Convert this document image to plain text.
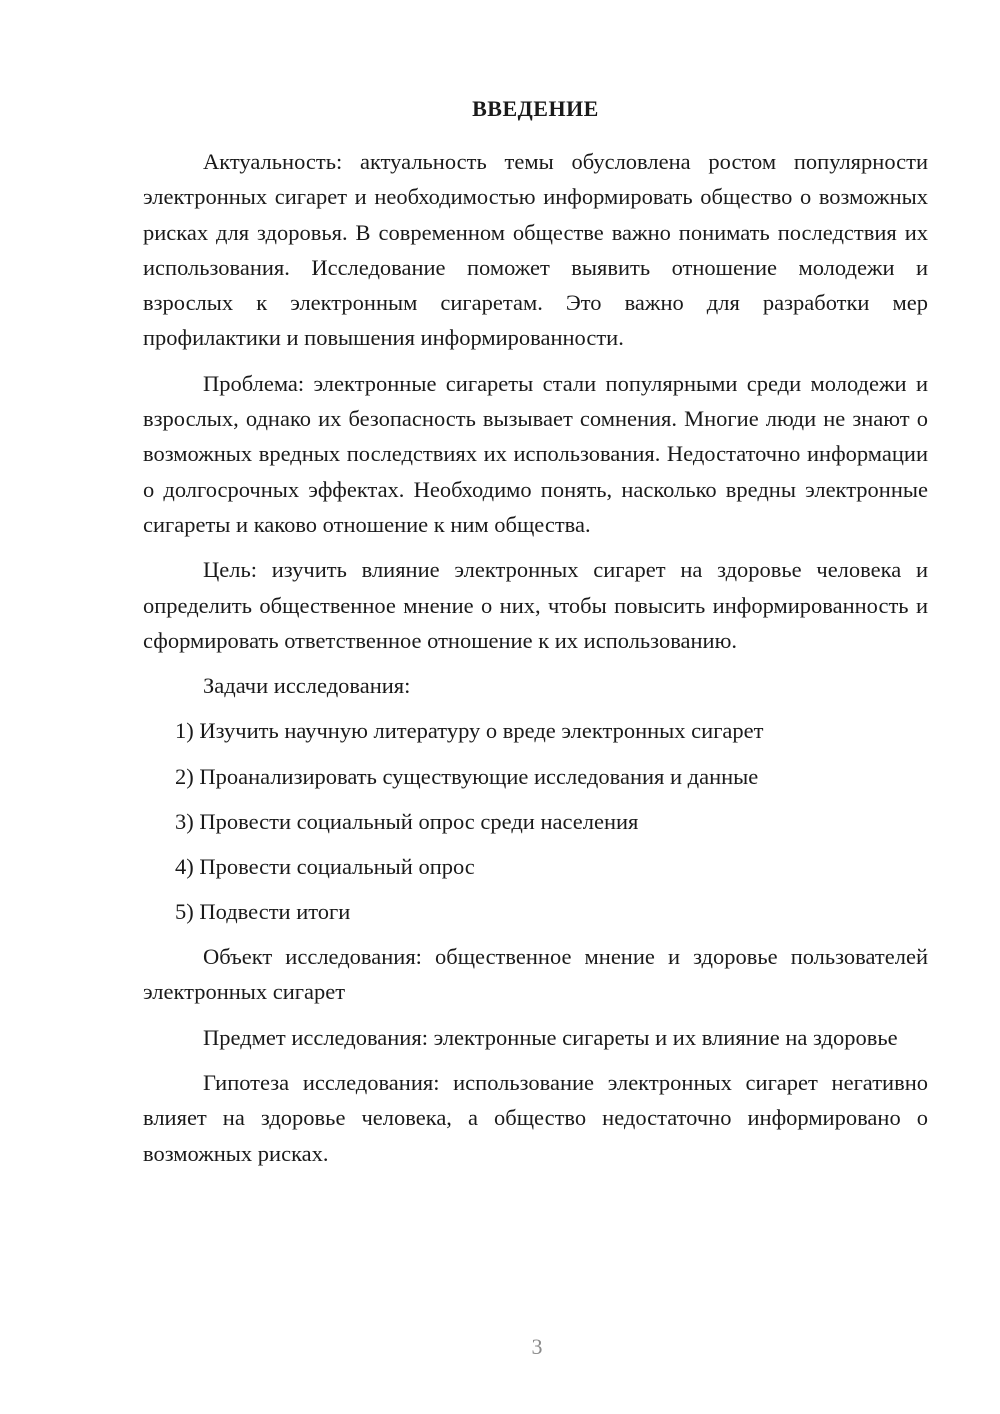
ВВЕДЕНИЕ

Актуальность: актуальность темы обусловлена ростом популярности электронных сигарет и необходимостью информировать общество о возможных рисках для здоровья. В современном обществе важно понимать последствия их использования. Исследование поможет выявить отношение молодежи и взрослых к электронным сигаретам. Это важно для разработки мер профилактики и повышения информированности.

Проблема: электронные сигареты стали популярными среди молодежи и взрослых, однако их безопасность вызывает сомнения. Многие люди не знают о возможных вредных последствиях их использования. Недостаточно информации о долгосрочных эффектах. Необходимо понять, насколько вредны электронные сигареты и каково отношение к ним общества.

Цель: изучить влияние электронных сигарет на здоровье человека и определить общественное мнение о них, чтобы повысить информированность и сформировать ответственное отношение к их использованию.

Задачи исследования:

1) Изучить научную литературу о вреде электронных сигарет
2) Проанализировать существующие исследования и данные
3) Провести социальный опрос среди населения
4) Провести социальный опрос
5) Подвести итоги

Объект исследования: общественное мнение и здоровье пользователей электронных сигарет

Предмет исследования: электронные сигареты и их влияние на здоровье

Гипотеза исследования: использование электронных сигарет негативно влияет на здоровье человека, а общество недостаточно информировано о возможных рисках.

3
